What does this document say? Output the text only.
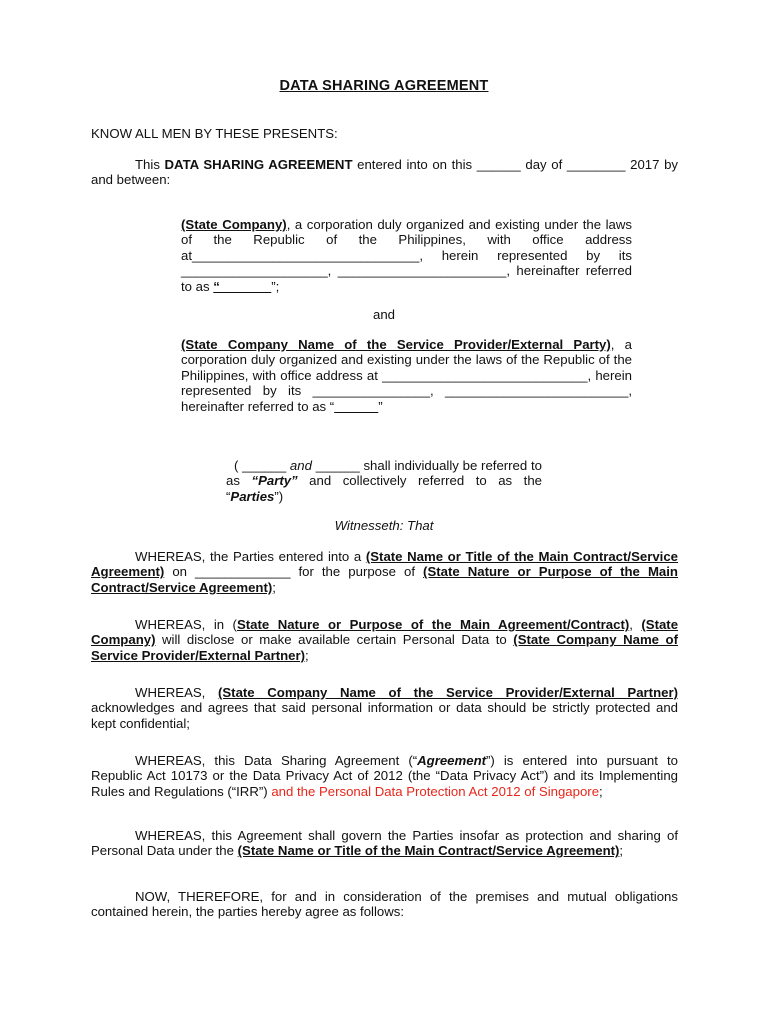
DATA SHARING AGREEMENT

KNOW ALL MEN BY THESE PRESENTS:

This DATA SHARING AGREEMENT entered into on this ______ day of ________ 2017 by and between:

(State Company), a corporation duly organized and existing under the laws of the Republic of the Philippines, with office address at_______________________________, herein represented by its ____________________, _______________________, hereinafter referred to as “_______”;

and

(State Company Name of the Service Provider/External Party), a corporation duly organized and existing under the laws of the Republic of the Philippines, with office address at ____________________________, herein represented by its ________________, _________________________, hereinafter referred to as “______”

( ______ and ______ shall individually be referred to as “Party” and collectively referred to as the “Parties”)

Witnesseth: That

WHEREAS, the Parties entered into a (State Name or Title of the Main Contract/Service Agreement) on _____________ for the purpose of (State Nature or Purpose of the Main Contract/Service Agreement);

WHEREAS, in (State Nature or Purpose of the Main Agreement/Contract), (State Company) will disclose or make available certain Personal Data to (State Company Name of Service Provider/External Partner);

WHEREAS, (State Company Name of the Service Provider/External Partner) acknowledges and agrees that said personal information or data should be strictly protected and kept confidential;

WHEREAS, this Data Sharing Agreement (“Agreement”) is entered into pursuant to Republic Act 10173 or the Data Privacy Act of 2012 (the “Data Privacy Act”) and its Implementing Rules and Regulations (“IRR”) and the Personal Data Protection Act 2012 of Singapore;

WHEREAS, this Agreement shall govern the Parties insofar as protection and sharing of Personal Data under the (State Name or Title of the Main Contract/Service Agreement);

NOW, THEREFORE, for and in consideration of the premises and mutual obligations contained herein, the parties hereby agree as follows:
